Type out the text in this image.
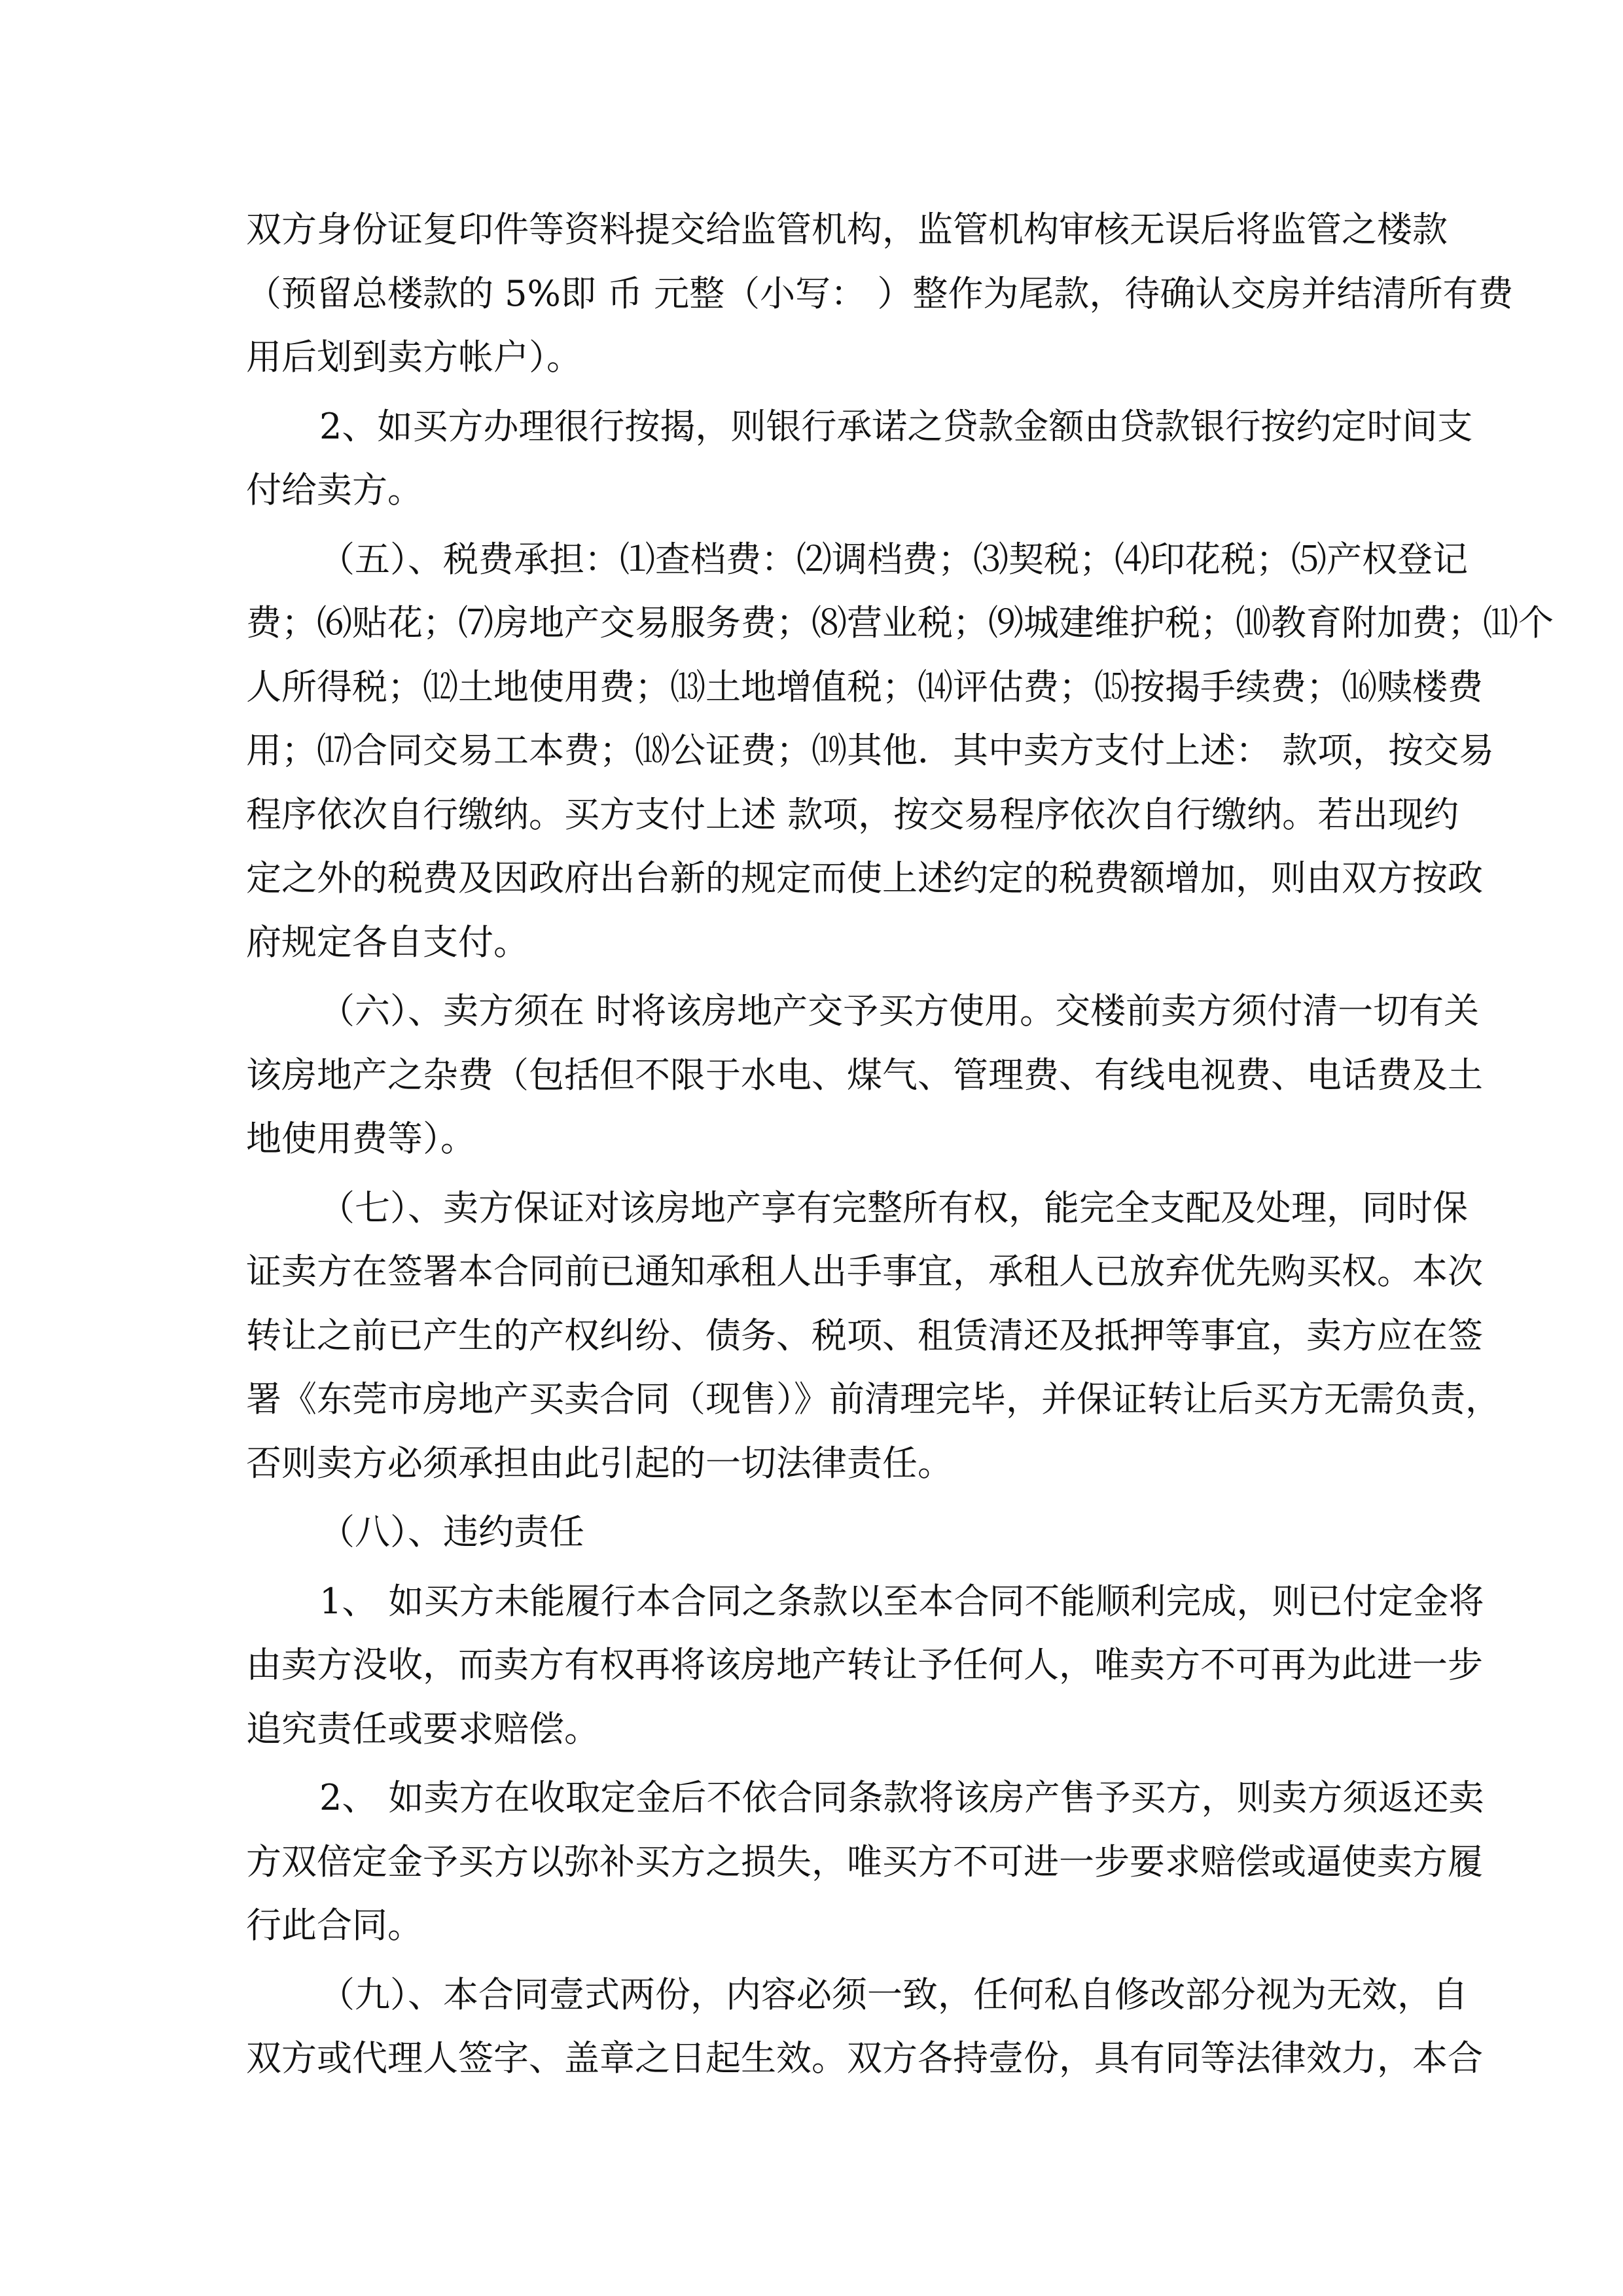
双方身份证复印件等资料提交给监管机构，监管机构审核无误后将监管之楼款
（预留总楼款的 5%即 币 元整（小写： ）整作为尾款，待确认交房并结清所有费
用后划到卖方帐户）。
2、如买方办理很行按揭，则银行承诺之贷款金额由贷款银行按约定时间支
付给卖方。
（五）、税费承担：⑴查档费：⑵调档费；⑶契税；⑷印花税；⑸产权登记
费；⑹贴花；⑺房地产交易服务费；⑻营业税；⑼城建维护税；⑽教育附加费；⑾个
人所得税；⑿土地使用费；⒀土地增值税；⒁评估费；⒂按揭手续费；⒃赎楼费
用；⒄合同交易工本费；⒅公证费；⒆其他．其中卖方支付上述： 款项，按交易
程序依次自行缴纳。买方支付上述 款项，按交易程序依次自行缴纳。若出现约
定之外的税费及因政府出台新的规定而使上述约定的税费额增加，则由双方按政
府规定各自支付。
（六）、卖方须在 时将该房地产交予买方使用。交楼前卖方须付清一切有关
该房地产之杂费（包括但不限于水电、煤气、管理费、有线电视费、电话费及土
地使用费等）。
（七）、卖方保证对该房地产享有完整所有权，能完全支配及处理，同时保
证卖方在签署本合同前已通知承租人出手事宜，承租人已放弃优先购买权。本次
转让之前已产生的产权纠纷、债务、税项、租赁清还及抵押等事宜，卖方应在签
署《东莞市房地产买卖合同（现售）》前清理完毕，并保证转让后买方无需负责，
否则卖方必须承担由此引起的一切法律责任。
（八）、违约责任
1、 如买方未能履行本合同之条款以至本合同不能顺利完成，则已付定金将
由卖方没收，而卖方有权再将该房地产转让予任何人，唯卖方不可再为此进一步
追究责任或要求赔偿。
2、 如卖方在收取定金后不依合同条款将该房产售予买方，则卖方须返还卖
方双倍定金予买方以弥补买方之损失，唯买方不可进一步要求赔偿或逼使卖方履
行此合同。
（九）、本合同壹式两份，内容必须一致，任何私自修改部分视为无效，自
双方或代理人签字、盖章之日起生效。双方各持壹份，具有同等法律效力，本合
